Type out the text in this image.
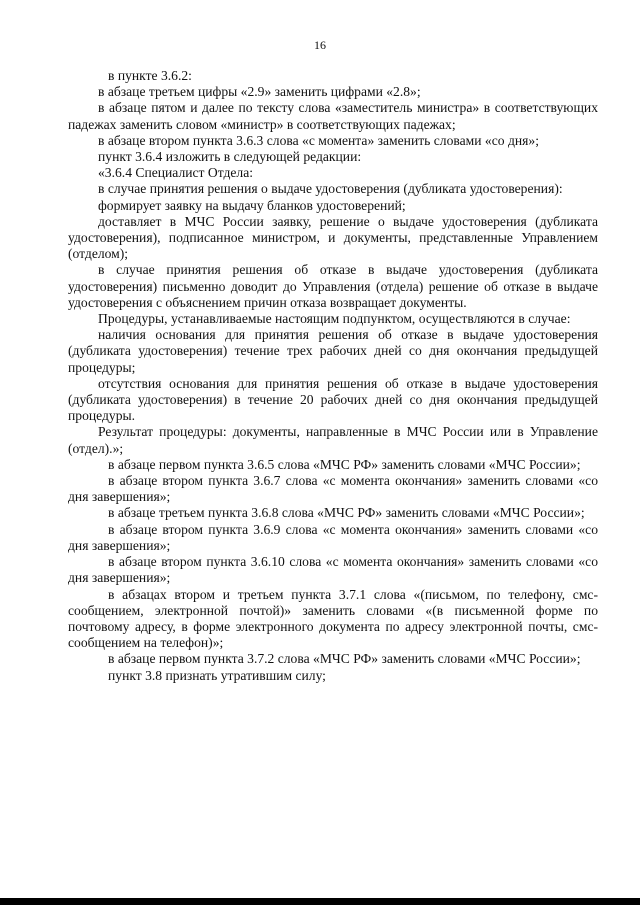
16

в пункте 3.6.2:

в абзаце третьем цифры «2.9» заменить цифрами «2.8»;

в абзаце пятом и далее по тексту слова «заместитель министра» в соответствующих падежах заменить словом «министр» в соответствующих падежах;

в абзаце втором пункта 3.6.3 слова «с момента» заменить словами «со дня»;

пункт 3.6.4 изложить в следующей редакции:

«3.6.4 Специалист Отдела:

в случае принятия решения о выдаче удостоверения (дубликата удостоверения):

формирует заявку на выдачу бланков удостоверений;

доставляет в МЧС России заявку, решение о выдаче удостоверения (дубликата удостоверения), подписанное министром, и документы, представленные Управлением (отделом);

в случае принятия решения об отказе в выдаче удостоверения (дубликата удостоверения) письменно доводит до Управления (отдела) решение об отказе в выдаче удостоверения с объяснением причин отказа возвращает документы.

Процедуры, устанавливаемые настоящим подпунктом, осуществляются в случае:

наличия основания для принятия решения об отказе в выдаче удостоверения (дубликата удостоверения) течение трех рабочих дней со дня окончания предыдущей процедуры;

отсутствия основания для принятия решения об отказе в выдаче удостоверения (дубликата удостоверения) в течение 20 рабочих дней со дня окончания предыдущей процедуры.

Результат процедуры: документы, направленные в МЧС России или в Управление (отдел).»;

в абзаце первом пункта 3.6.5 слова «МЧС РФ» заменить словами «МЧС России»;

в абзаце втором пункта 3.6.7 слова «с момента окончания» заменить словами «со дня завершения»;

в абзаце третьем пункта 3.6.8 слова «МЧС РФ» заменить словами «МЧС России»;

в абзаце втором пункта 3.6.9 слова «с момента окончания» заменить словами «со дня завершения»;

в абзаце втором пункта 3.6.10 слова «с момента окончания» заменить словами «со дня завершения»;

в абзацах втором и третьем пункта 3.7.1 слова «(письмом, по телефону, смс-сообщением, электронной почтой)» заменить словами «(в письменной форме по почтовому адресу, в форме электронного документа по адресу электронной почты, смс-сообщением на телефон)»;

в абзаце первом пункта 3.7.2 слова «МЧС РФ» заменить словами «МЧС России»;

пункт 3.8 признать утратившим силу;
